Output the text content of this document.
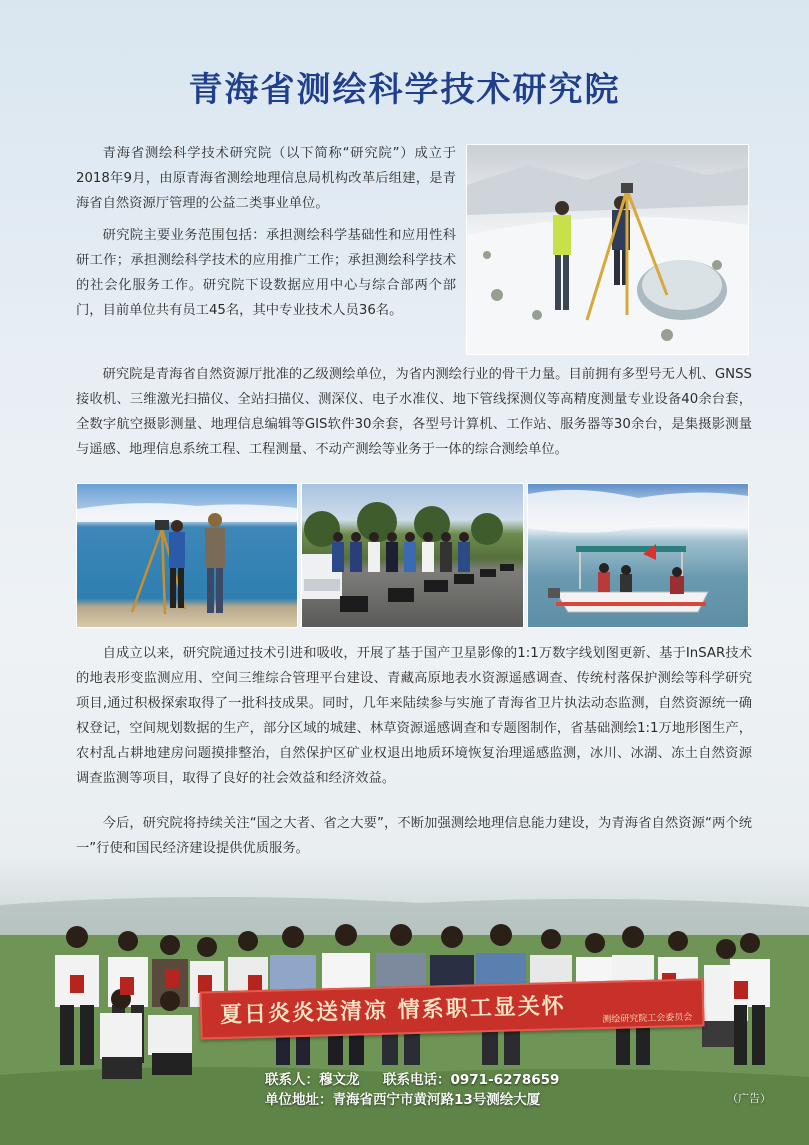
青海省测绘科学技术研究院
青海省测绘科学技术研究院（以下简称“研究院”）成立于2018年9月，由原青海省测绘地理信息局机构改革后组建，是青海省自然资源厅管理的公益二类事业单位。
研究院主要业务范围包括：承担测绘科学基础性和应用性科研工作；承担测绘科学技术的应用推广工作；承担测绘科学技术的社会化服务工作。研究院下设数据应用中心与综合部两个部门，目前单位共有员工45名，其中专业技术人员36名。
研究院是青海省自然资源厅批准的乙级测绘单位，为省内测绘行业的骨干力量。目前拥有多型号无人机、GNSS接收机、三维激光扫描仪、全站扫描仪、测深仪、电子水准仪、地下管线探测仪等高精度测量专业设备40余台套，全数字航空摄影测量、地理信息编辑等GIS软件30余套，各型号计算机、工作站、服务器等30余台，是集摄影测量与遥感、地理信息系统工程、工程测量、不动产测绘等业务于一体的综合测绘单位。
自成立以来，研究院通过技术引进和吸收，开展了基于国产卫星影像的1:1万数字线划图更新、基于InSAR技术的地表形变监测应用、空间三维综合管理平台建设、青藏高原地表水资源遥感调查、传统村落保护测绘等科学研究项目,通过积极探索取得了一批科技成果。同时，几年来陆续参与实施了青海省卫片执法动态监测，自然资源统一确权登记，空间规划数据的生产，部分区域的城建、林草资源遥感调查和专题图制作，省基础测绘1:1万地形图生产，农村乱占耕地建房问题摸排整治，自然保护区矿业权退出地质环境恢复治理遥感监测，冰川、冰湖、冻土自然资源调查监测等项目，取得了良好的社会效益和经济效益。
今后，研究院将持续关注“国之大者、省之大要”，不断加强测绘地理信息能力建设，为青海省自然资源“两个统一”行使和国民经济建设提供优质服务。
夏日炎炎送清凉 情系职工显关怀	测绘研究院工会委员会
联系人：穆文龙     联系电话：0971-6278659
单位地址：青海省西宁市黄河路13号测绘大厦	（广告）
